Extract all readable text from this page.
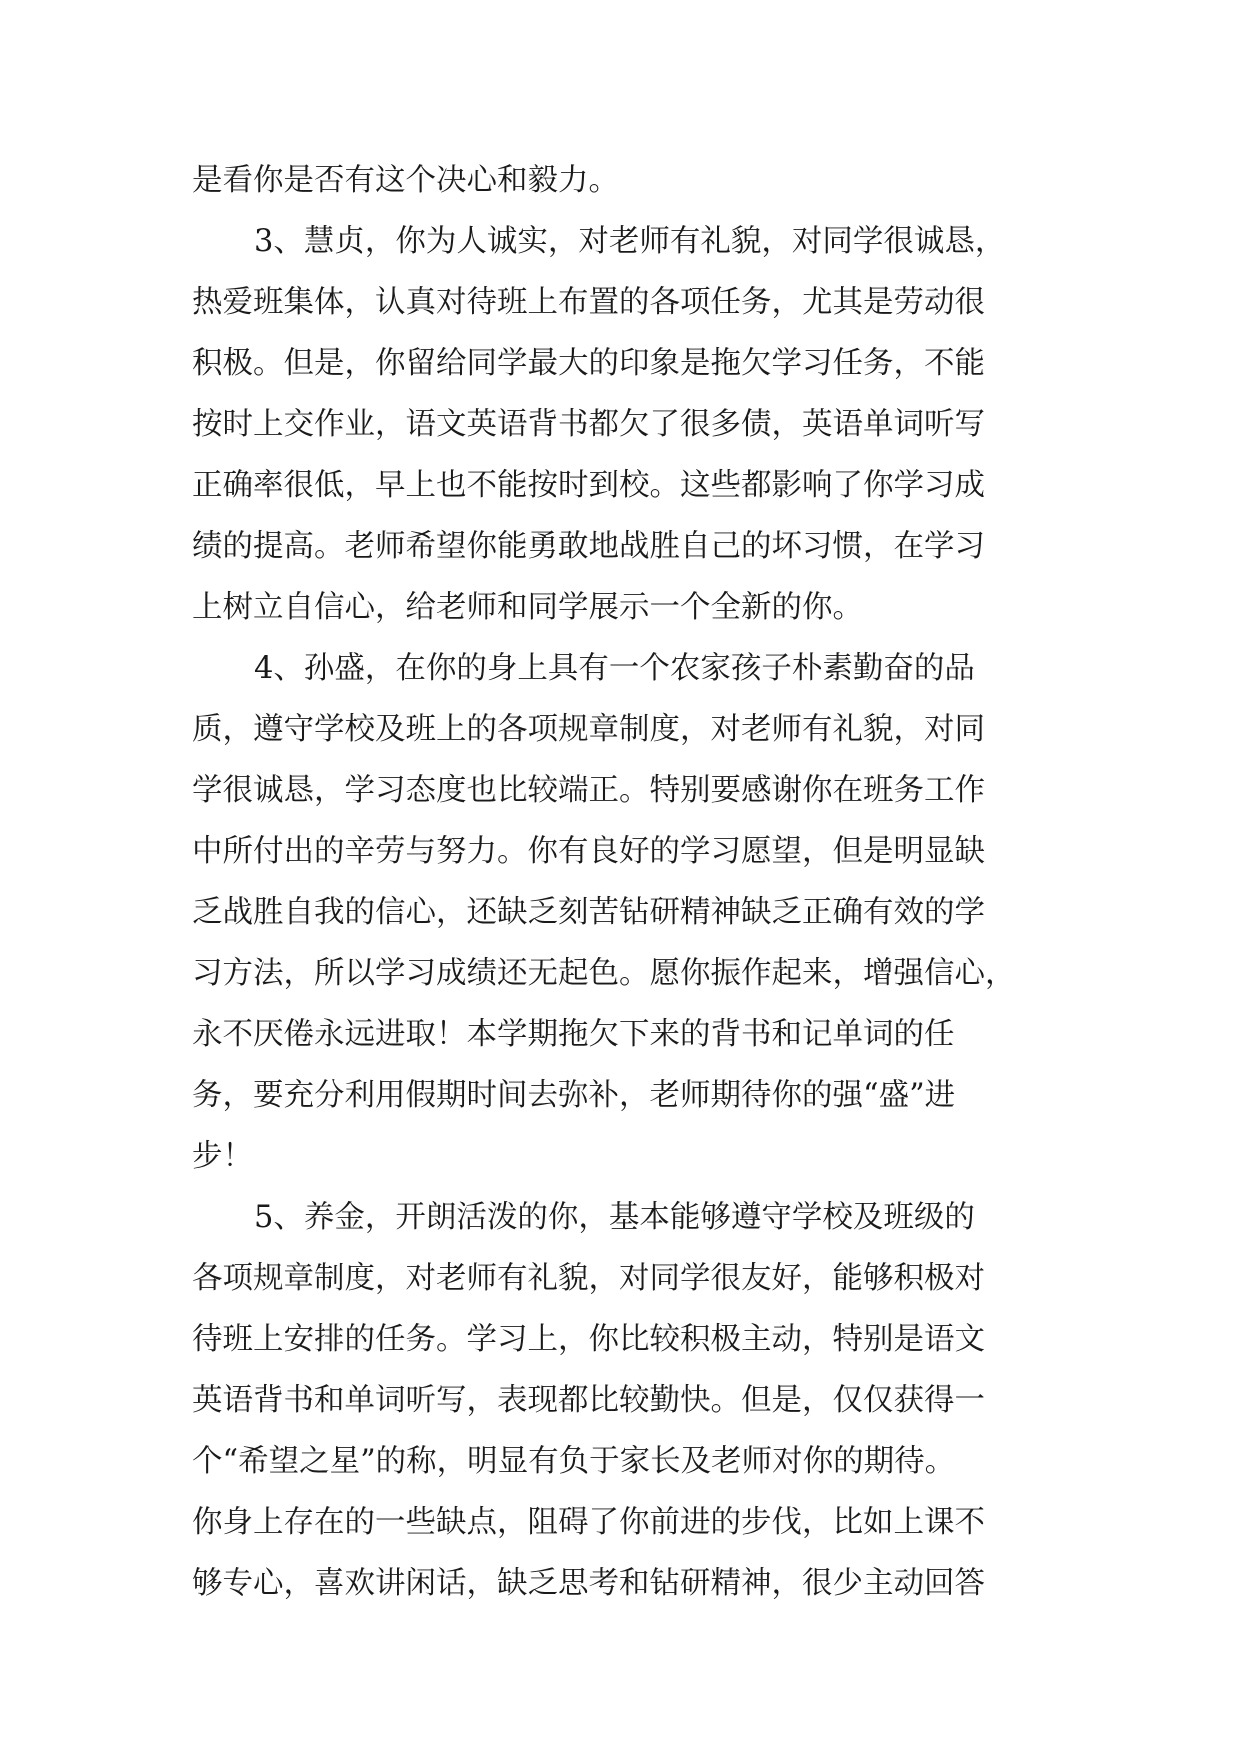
是看你是否有这个决心和毅力。
3、慧贞，你为人诚实，对老师有礼貌，对同学很诚恳，
热爱班集体，认真对待班上布置的各项任务，尤其是劳动很
积极。但是，你留给同学最大的印象是拖欠学习任务，不能
按时上交作业，语文英语背书都欠了很多债，英语单词听写
正确率很低，早上也不能按时到校。这些都影响了你学习成
绩的提高。老师希望你能勇敢地战胜自己的坏习惯，在学习
上树立自信心，给老师和同学展示一个全新的你。
4、孙盛，在你的身上具有一个农家孩子朴素勤奋的品
质，遵守学校及班上的各项规章制度，对老师有礼貌，对同
学很诚恳，学习态度也比较端正。特别要感谢你在班务工作
中所付出的辛劳与努力。你有良好的学习愿望，但是明显缺
乏战胜自我的信心，还缺乏刻苦钻研精神缺乏正确有效的学
习方法，所以学习成绩还无起色。愿你振作起来，增强信心，
永不厌倦永远进取！本学期拖欠下来的背书和记单词的任
务，要充分利用假期时间去弥补，老师期待你的强“盛”进
步！
5、养金，开朗活泼的你，基本能够遵守学校及班级的
各项规章制度，对老师有礼貌，对同学很友好，能够积极对
待班上安排的任务。学习上，你比较积极主动，特别是语文
英语背书和单词听写，表现都比较勤快。但是，仅仅获得一
个“希望之星”的称，明显有负于家长及老师对你的期待。
你身上存在的一些缺点，阻碍了你前进的步伐，比如上课不
够专心，喜欢讲闲话，缺乏思考和钻研精神，很少主动回答
